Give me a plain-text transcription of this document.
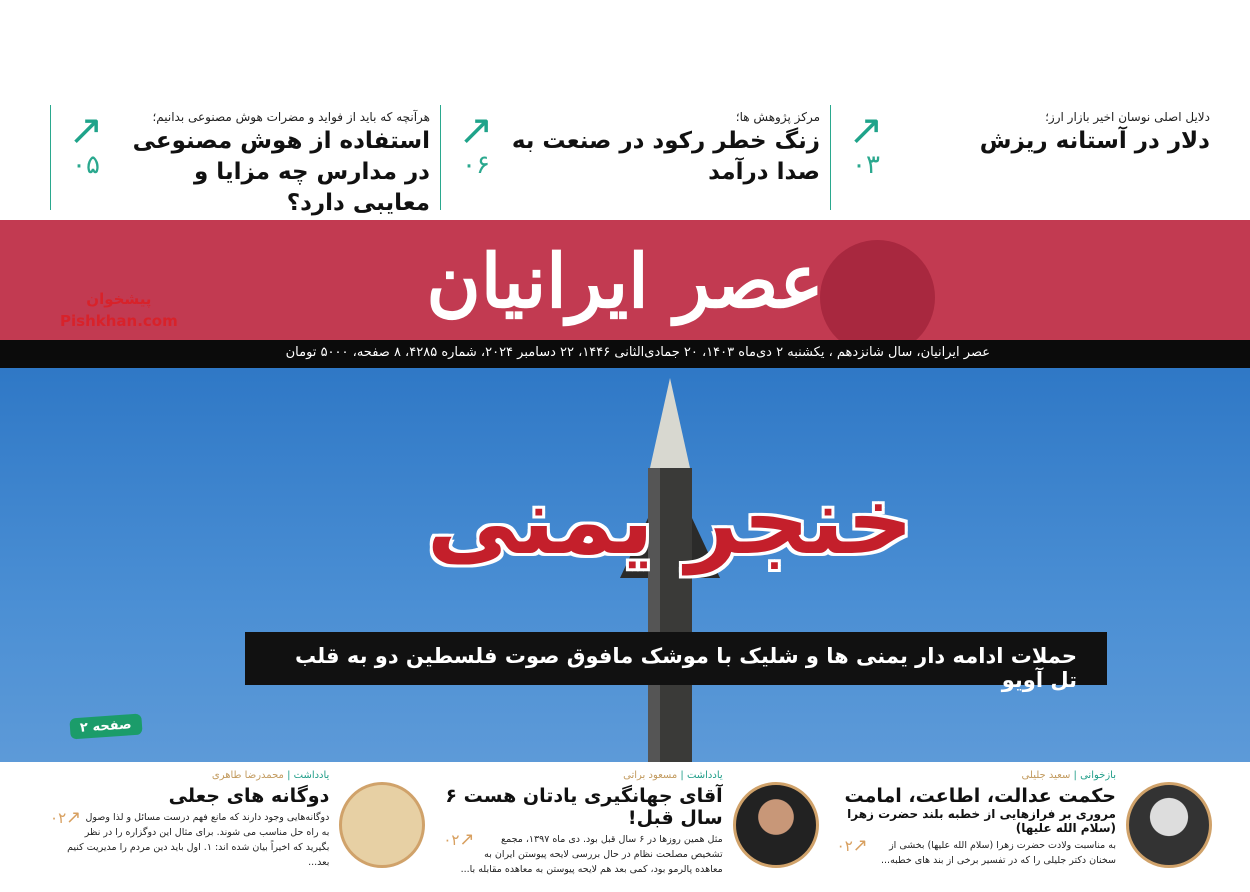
دلایل اصلی نوسان اخیر بازار ارز؛
دلار در آستانه ریزش
↗
۰۳
مرکز پژوهش ها؛
زنگ خطر رکود در صنعت به صدا درآمد
↗
۰۶
هرآنچه که باید از فواید و مضرات هوش مصنوعی بدانیم؛
استفاده از هوش مصنوعی در مدارس چه مزایا و معایبی دارد؟
↗
۰۵
عصر ایرانیان
پیشخوان
Pishkhan.com
عصر ایرانیان، سال شانزدهم ، یکشنبه ۲ دی‌ماه ۱۴۰۳، ۲۰ جمادی‌الثانی ۱۴۴۶، ۲۲ دسامبر ۲۰۲۴، شماره ۴۲۸۵، ۸ صفحه، ۵۰۰۰ تومان
خنجر یمنی
حملات ادامه دار یمنی ها و شلیک با موشک مافوق صوت فلسطین دو به قلب تل آویو
صفحه ۲
بازخوانی | سعید جلیلی
حکمت عدالت، اطاعت، امامت
مروری بر فرازهایی از خطبه بلند حضرت زهرا (سلام الله علیها)
↗۰۲	به مناسبت ولادت حضرت زهرا (سلام الله علیها) بخشی از سخنان دکتر جلیلی را که در تفسیر برخی از بند های خطبه...
یادداشت | مسعود براتی
آقای جهانگیری یادتان هست ۶ سال قبل!
↗۰۲	مثل همین روزها در ۶ سال قبل بود. دی ماه ۱۳۹۷، مجمع تشخیص مصلحت نظام در حال بررسی لایحه پیوستن ایران به معاهده پالرمو بود، کمی بعد هم لایحه پیوستن به معاهده مقابله با...
یادداشت | محمدرضا طاهری
دوگانه های جعلی
↗۰۲	دوگانه‌هایی وجود دارند که مانع فهم درست مسائل و لذا وصول به راه حل مناسب می شوند. برای مثال این دوگزاره را در نظر بگیرید که اخیراً بیان شده اند: ۱. اول باید دین مردم را مدیریت کنیم بعد...
